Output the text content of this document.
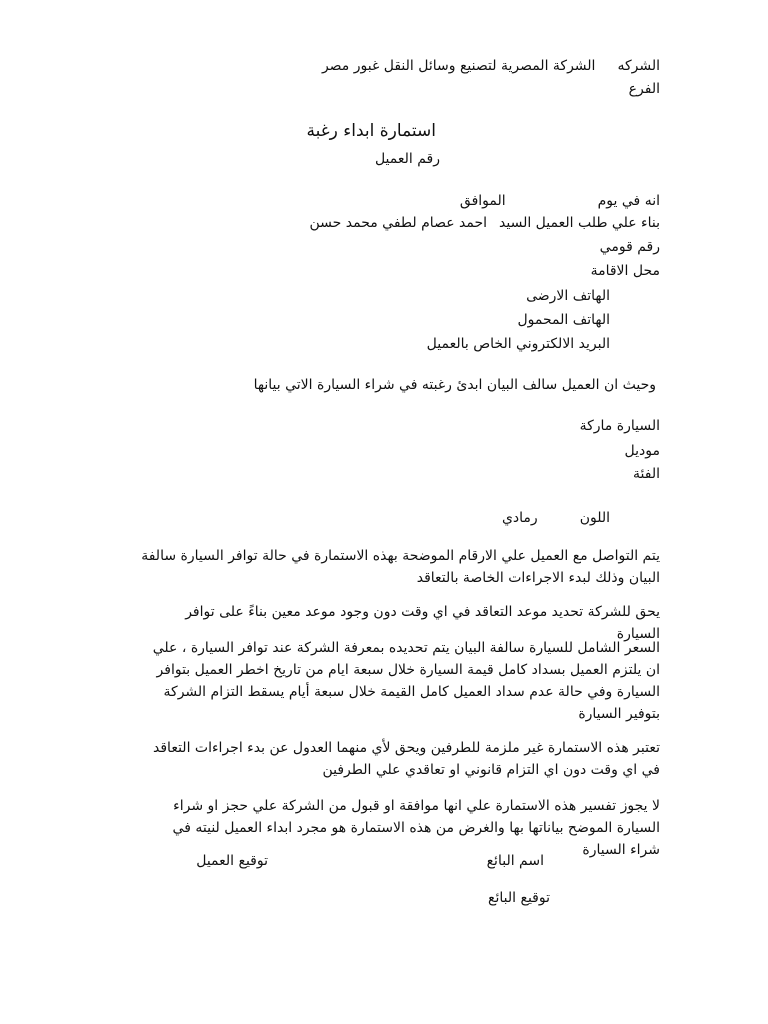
الشركهالشركة المصرية لتصنيع وسائل النقل غبور مصر
الفرع
استمارة ابداء رغبة
رقم العميل
انه في يومالموافق
بناء علي طلب العميل السيداحمد عصام لطفي محمد حسن
رقم قومي
محل الاقامة
الهاتف الارضى
الهاتف المحمول
البريد الالكتروني الخاص بالعميل
وحيث ان العميل سالف البيان ابدئ رغبته في شراء السيارة الاتي بيانها
السيارة ماركة
موديل
الفئة
اللونرمادي
يتم التواصل مع العميل علي الارقام الموضحة بهذه الاستمارة في حالة توافر السيارة سالفة البيان وذلك لبدء الاجراءات الخاصة بالتعاقد
يحق للشركة تحديد موعد التعاقد في اي وقت دون وجود موعد معين بناءً على توافر السيارة
السعر الشامل للسيارة سالفة البيان يتم تحديده بمعرفة الشركة عند توافر السيارة ، علي ان يلتزم العميل بسداد كامل قيمة السيارة خلال سبعة ايام من تاريخ اخطر العميل بتوافر السيارة وفي حالة عدم سداد العميل كامل القيمة خلال سبعة أيام يسقط التزام الشركة بتوفير السيارة
تعتبر هذه الاستمارة غير ملزمة للطرفين ويحق لأي منهما العدول عن بدء اجراءات التعاقد في اي وقت دون اي التزام قانوني او تعاقدي علي الطرفين
لا يجوز تفسير هذه الاستمارة علي انها موافقة او قبول من الشركة علي حجز او شراء السيارة الموضح بياناتها بها والغرض من هذه الاستمارة هو مجرد ابداء العميل لنيته في شراء السيارة
اسم البائع
توقيع العميل
توقيع البائع
